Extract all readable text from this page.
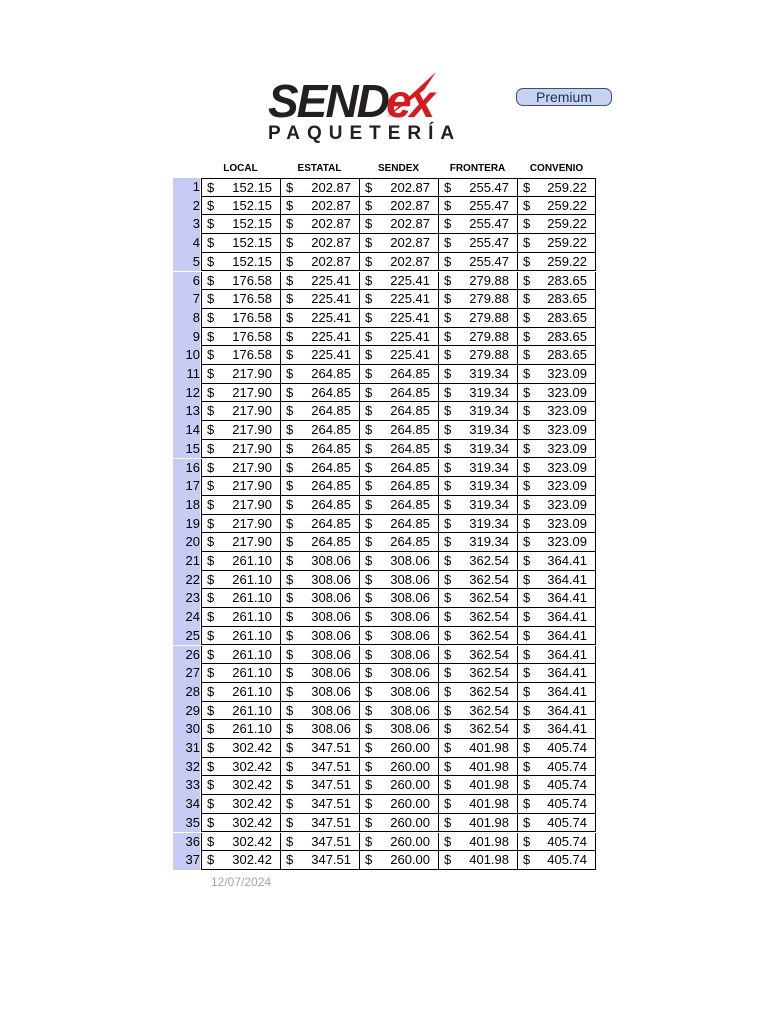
SEND
ex
PAQUETERÍA
Premium
LOCAL	ESTATAL	SENDEX	FRONTERA	CONVENIO
1 $ 152.15 $ 202.87 $ 202.87 $ 255.47 $ 259.22
2 $ 152.15 $ 202.87 $ 202.87 $ 255.47 $ 259.22
3 $ 152.15 $ 202.87 $ 202.87 $ 255.47 $ 259.22
4 $ 152.15 $ 202.87 $ 202.87 $ 255.47 $ 259.22
5 $ 152.15 $ 202.87 $ 202.87 $ 255.47 $ 259.22
6 $ 176.58 $ 225.41 $ 225.41 $ 279.88 $ 283.65
7 $ 176.58 $ 225.41 $ 225.41 $ 279.88 $ 283.65
8 $ 176.58 $ 225.41 $ 225.41 $ 279.88 $ 283.65
9 $ 176.58 $ 225.41 $ 225.41 $ 279.88 $ 283.65
10 $ 176.58 $ 225.41 $ 225.41 $ 279.88 $ 283.65
11 $ 217.90 $ 264.85 $ 264.85 $ 319.34 $ 323.09
12 $ 217.90 $ 264.85 $ 264.85 $ 319.34 $ 323.09
13 $ 217.90 $ 264.85 $ 264.85 $ 319.34 $ 323.09
14 $ 217.90 $ 264.85 $ 264.85 $ 319.34 $ 323.09
15 $ 217.90 $ 264.85 $ 264.85 $ 319.34 $ 323.09
16 $ 217.90 $ 264.85 $ 264.85 $ 319.34 $ 323.09
17 $ 217.90 $ 264.85 $ 264.85 $ 319.34 $ 323.09
18 $ 217.90 $ 264.85 $ 264.85 $ 319.34 $ 323.09
19 $ 217.90 $ 264.85 $ 264.85 $ 319.34 $ 323.09
20 $ 217.90 $ 264.85 $ 264.85 $ 319.34 $ 323.09
21 $ 261.10 $ 308.06 $ 308.06 $ 362.54 $ 364.41
22 $ 261.10 $ 308.06 $ 308.06 $ 362.54 $ 364.41
23 $ 261.10 $ 308.06 $ 308.06 $ 362.54 $ 364.41
24 $ 261.10 $ 308.06 $ 308.06 $ 362.54 $ 364.41
25 $ 261.10 $ 308.06 $ 308.06 $ 362.54 $ 364.41
26 $ 261.10 $ 308.06 $ 308.06 $ 362.54 $ 364.41
27 $ 261.10 $ 308.06 $ 308.06 $ 362.54 $ 364.41
28 $ 261.10 $ 308.06 $ 308.06 $ 362.54 $ 364.41
29 $ 261.10 $ 308.06 $ 308.06 $ 362.54 $ 364.41
30 $ 261.10 $ 308.06 $ 308.06 $ 362.54 $ 364.41
31 $ 302.42 $ 347.51 $ 260.00 $ 401.98 $ 405.74
32 $ 302.42 $ 347.51 $ 260.00 $ 401.98 $ 405.74
33 $ 302.42 $ 347.51 $ 260.00 $ 401.98 $ 405.74
34 $ 302.42 $ 347.51 $ 260.00 $ 401.98 $ 405.74
35 $ 302.42 $ 347.51 $ 260.00 $ 401.98 $ 405.74
36 $ 302.42 $ 347.51 $ 260.00 $ 401.98 $ 405.74
37 $ 302.42 $ 347.51 $ 260.00 $ 401.98 $ 405.74
12/07/2024
